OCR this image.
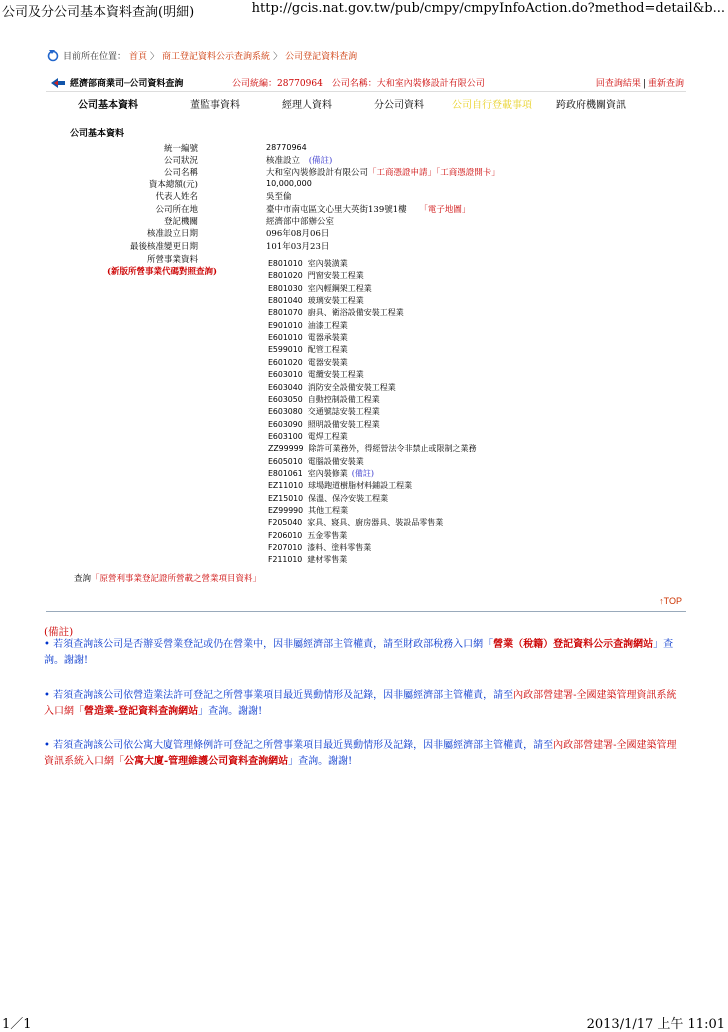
公司及分公司基本資料查詢(明細)	http://gcis.nat.gov.tw/pub/cmpy/cmpyInfoAction.do?method=detail&b...
目前所在位置： 首頁 〉 商工登記資料公示查詢系統 〉 公司登記資料查詢
經濟部商業司─公司資料查詢	公司統編：28770964　公司名稱：大和室內裝修設計有限公司	回查詢結果 | 重新查詢
公司基本資料	董監事資料	經理人資料	分公司資料	公司自行登載事項 跨政府機關資訊
公司基本資料
統一編號	28770964
公司狀況	核准設立 (備註)
公司名稱	大和室內裝修設計有限公司「工商憑證申請」「工商憑證開卡」
資本總額(元)	10,000,000
代表人姓名	吳至倫
公司所在地	臺中市南屯區文心里大英街139號1樓 「電子地圖」
登記機關	經濟部中部辦公室
核准設立日期	096年08月06日
最後核准變更日期	101年03月23日
所營事業資料
(新版所營事業代碼對照查詢)
E801010 室內裝潢業
E801020 門窗安裝工程業
E801030 室內輕鋼架工程業
E801040 玻璃安裝工程業
E801070 廚具、衛浴設備安裝工程業
E901010 油漆工程業
E601010 電器承裝業
E599010 配管工程業
E601020 電器安裝業
E603010 電纜安裝工程業
E603040 消防安全設備安裝工程業
E603050 自動控制設備工程業
E603080 交通號誌安裝工程業
E603090 照明設備安裝工程業
E603100 電焊工程業
ZZ99999 除許可業務外，得經營法令非禁止或限制之業務
E605010 電腦設備安裝業
E801061 室內裝修業 (備註)
EZ11010 球場跑道樹脂材料鋪設工程業
EZ15010 保溫、保冷安裝工程業
EZ99990 其他工程業
F205040 家具、寢具、廚房器具、裝設品零售業
F206010 五金零售業
F207010 漆料、塗料零售業
F211010 建材零售業
查詢「原營利事業登記證所營載之營業項目資料」
↑TOP
(備註)
• 若須查詢該公司是否辦妥營業登記或仍在營業中，因非屬經濟部主管權責，請至財政部稅務入口網「營業（稅籍）登記資料公示查詢網站」查詢。謝謝!
• 若須查詢該公司依營造業法許可登記之所營事業項目最近異動情形及記錄，因非屬經濟部主管權責，請至內政部營建署-全國建築管理資訊系統入口網「營造業-登記資料查詢網站」查詢。謝謝!
• 若須查詢該公司依公寓大廈管理條例許可登記之所營事業項目最近異動情形及記錄，因非屬經濟部主管權責，請至內政部營建署-全國建築管理資訊系統入口網「公寓大廈-管理維護公司資料查詢網站」查詢。謝謝!
1／1	2013/1/17 上午 11:01
